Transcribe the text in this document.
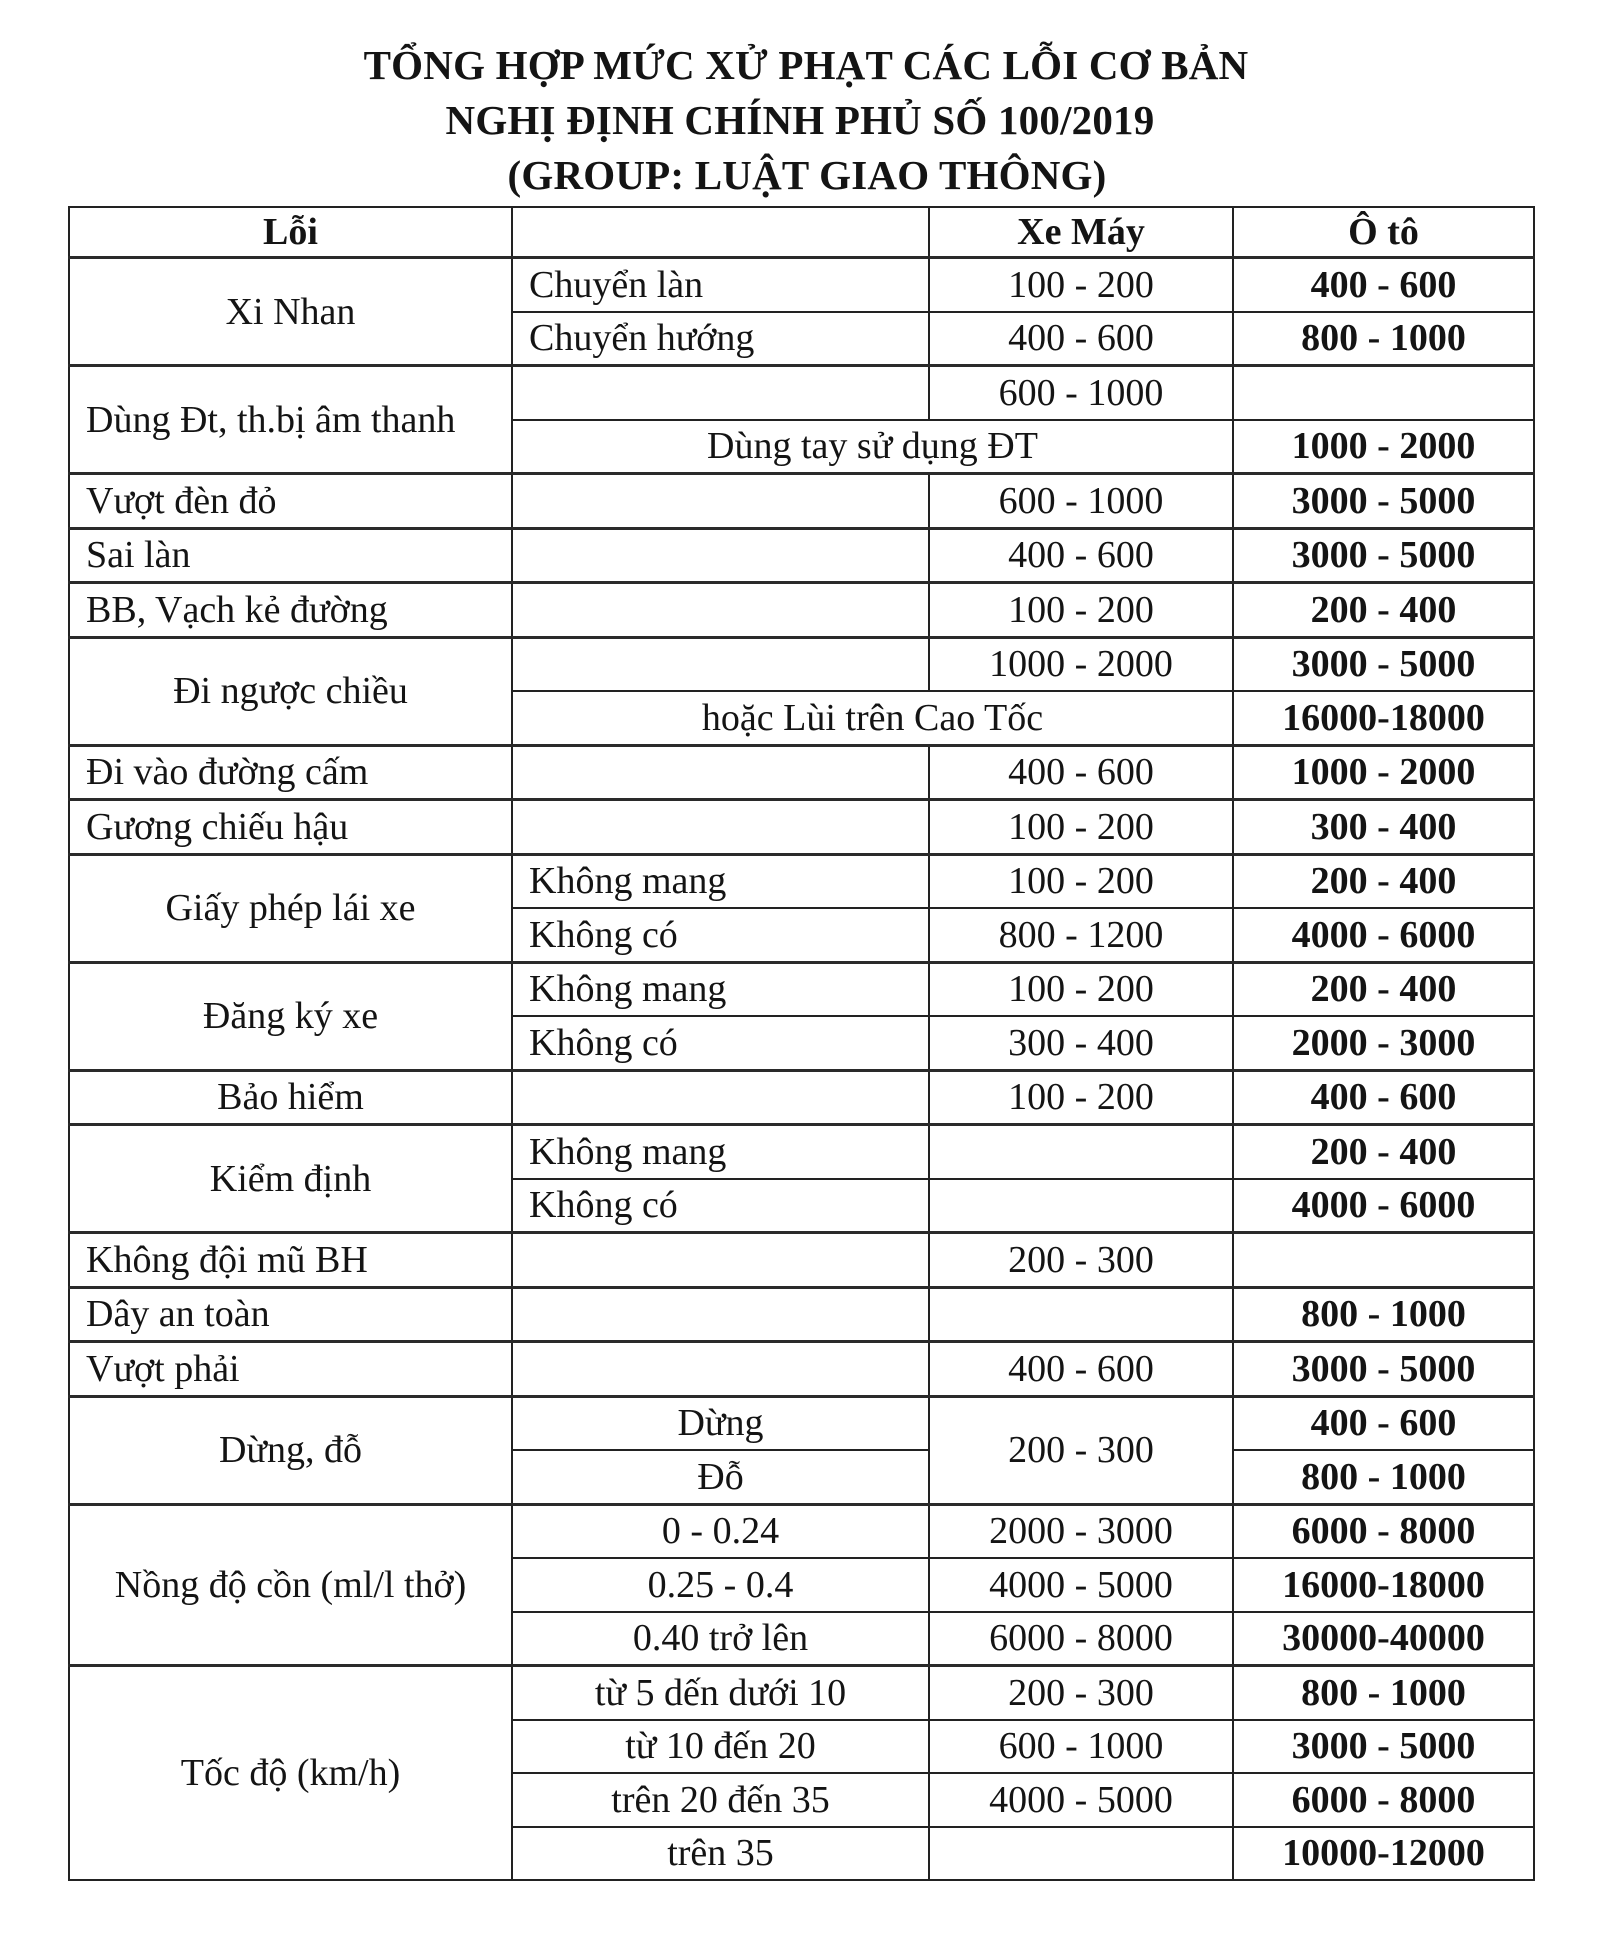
TỔNG HỢP MỨC XỬ PHẠT CÁC LỖI CƠ BẢN
NGHỊ ĐỊNH CHÍNH PHỦ SỐ 100/2019
(GROUP: LUẬT GIAO THÔNG)
Lỗi		Xe Máy	Ô tô
Xi Nhan	Chuyển làn	100 - 200	400 - 600
	Chuyển hướng	400 - 600	800 - 1000
Dùng Đt, th.bị âm thanh		600 - 1000	
	Dùng tay sử dụng ĐT		1000 - 2000
Vượt đèn đỏ		600 - 1000	3000 - 5000
Sai làn		400 - 600	3000 - 5000
BB, Vạch kẻ đường		100 - 200	200 - 400
Đi ngược chiều		1000 - 2000	3000 - 5000
	hoặc Lùi trên Cao Tốc		16000-18000
Đi vào đường cấm		400 - 600	1000 - 2000
Gương chiếu hậu		100 - 200	300 - 400
Giấy phép lái xe	Không mang	100 - 200	200 - 400
	Không có	800 - 1200	4000 - 6000
Đăng ký xe	Không mang	100 - 200	200 - 400
	Không có	300 - 400	2000 - 3000
Bảo hiểm		100 - 200	400 - 600
Kiểm định	Không mang		200 - 400
	Không có		4000 - 6000
Không đội mũ BH		200 - 300	
Dây an toàn			800 - 1000
Vượt phải		400 - 600	3000 - 5000
Dừng, đỗ	Dừng	200 - 300	400 - 600
	Đỗ		800 - 1000
Nồng độ cồn (ml/l thở)	0 - 0.24	2000 - 3000	6000 - 8000
	0.25 - 0.4	4000 - 5000	16000-18000
	0.40 trở lên	6000 - 8000	30000-40000
Tốc độ (km/h)	từ 5 dến dưới 10	200 - 300	800 - 1000
	từ 10 đến 20	600 - 1000	3000 - 5000
	trên 20 đến 35	4000 - 5000	6000 - 8000
	trên 35		10000-12000
